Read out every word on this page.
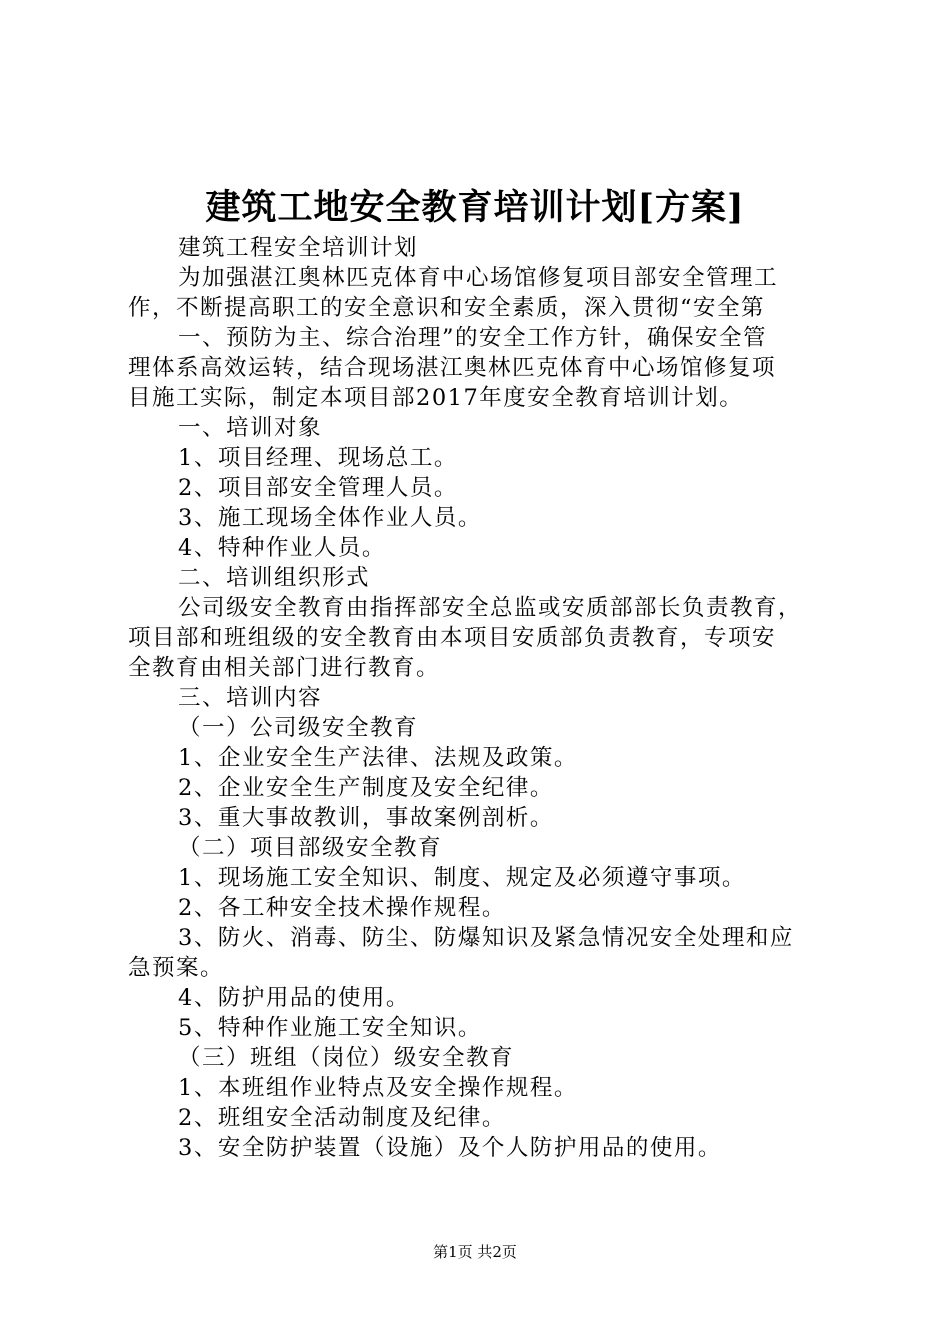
建筑工地安全教育培训计划[方案]

建筑工程安全培训计划

为加强湛江奥林匹克体育中心场馆修复项目部安全管理工
作，不断提高职工的安全意识和安全素质，深入贯彻“安全第

一、预防为主、综合治理”的安全工作方针，确保安全管
理体系高效运转，结合现场湛江奥林匹克体育中心场馆修复项
目施工实际，制定本项目部2017年度安全教育培训计划。

一、培训对象

1、项目经理、现场总工。

2、项目部安全管理人员。

3、施工现场全体作业人员。

4、特种作业人员。

二、培训组织形式

公司级安全教育由指挥部安全总监或安质部部长负责教育，
项目部和班组级的安全教育由本项目安质部负责教育，专项安
全教育由相关部门进行教育。

三、培训内容

（一）公司级安全教育

1、企业安全生产法律、法规及政策。

2、企业安全生产制度及安全纪律。

3、重大事故教训，事故案例剖析。

（二）项目部级安全教育

1、现场施工安全知识、制度、规定及必须遵守事项。

2、各工种安全技术操作规程。

3、防火、消毒、防尘、防爆知识及紧急情况安全处理和应
急预案。

4、防护用品的使用。

5、特种作业施工安全知识。

（三）班组（岗位）级安全教育

1、本班组作业特点及安全操作规程。

2、班组安全活动制度及纪律。

3、安全防护装置（设施）及个人防护用品的使用。

第1页 共2页
